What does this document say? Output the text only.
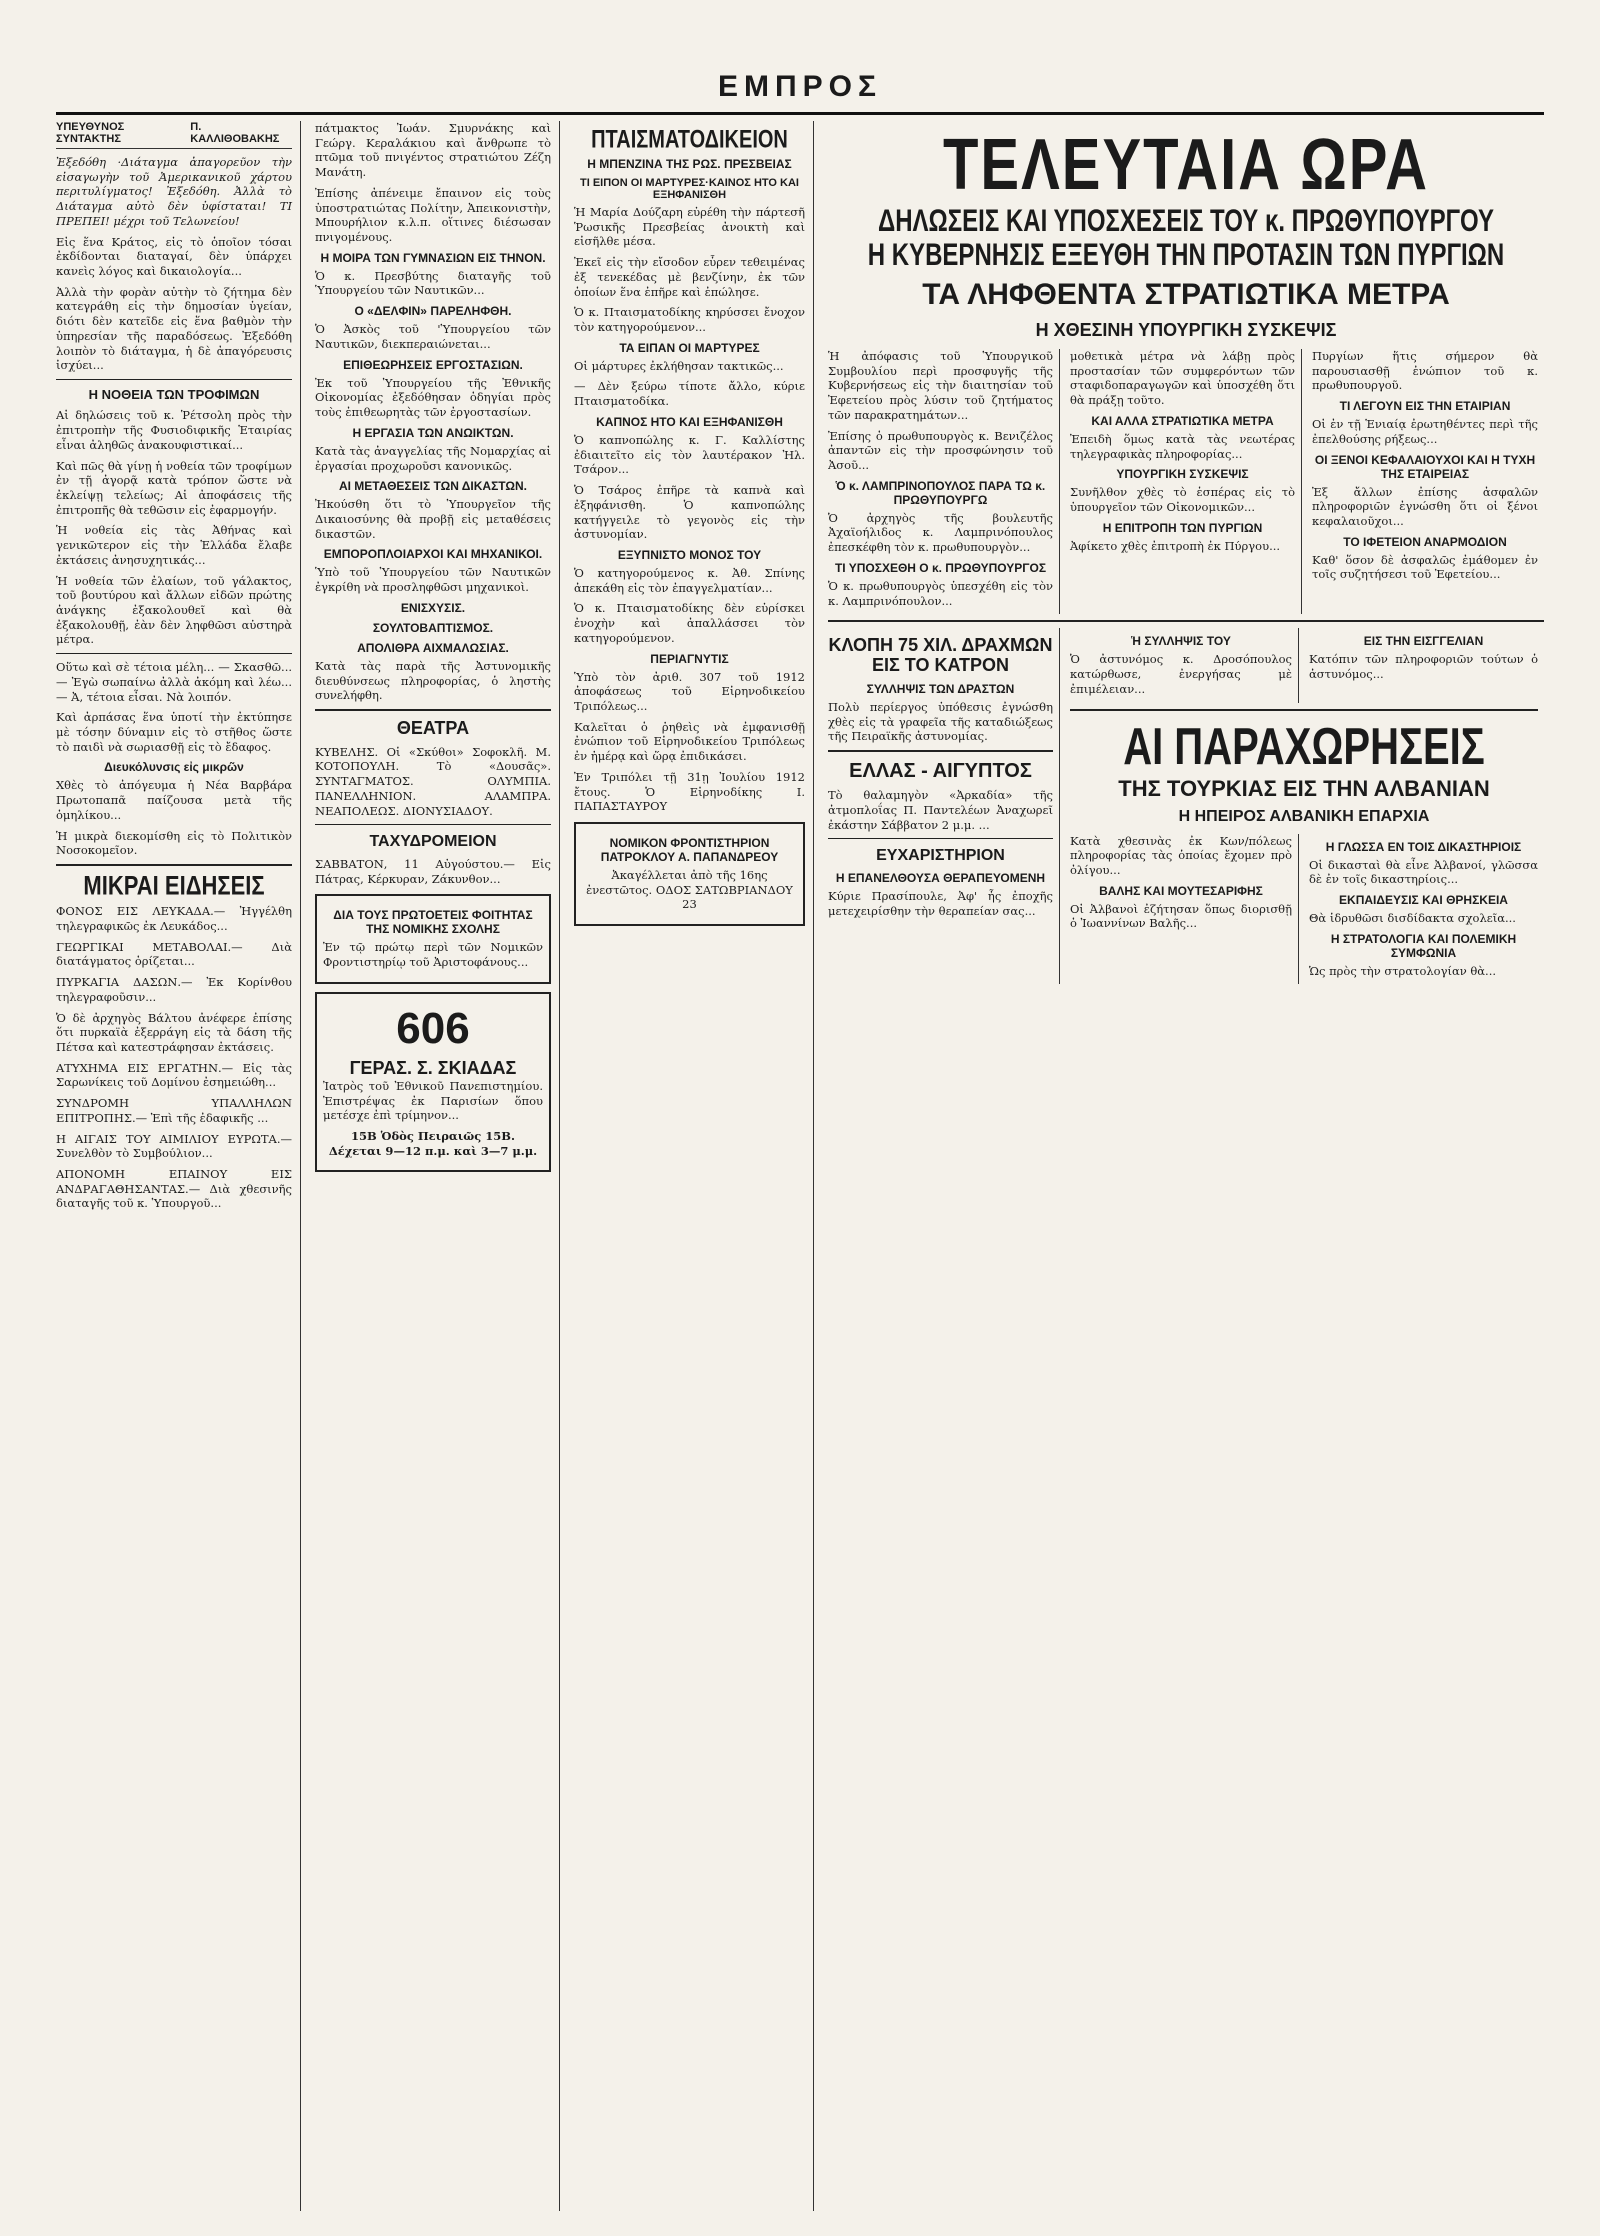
ΕΜΠΡΟΣ
ΥΠΕΥΘΥΝΟΣ ΣΥΝΤΑΚΤΗΣ
Π. ΚΑΛΛΙΘΟΒΑΚΗΣ

Ἐξεδόθη ·Διάταγμα ἀπαγορεῦον τὴν εἰσαγωγὴν τοῦ Ἀμερικανικοῦ χάρτου περιτυλίγματος! Ἐξεδόθη. Ἀλλὰ τὸ Διάταγμα αὐτὸ δὲν ὑφίσταται! ΤΙ ΠΡΕΠΕΙ! μέχρι τοῦ Τελωνείου!

Εἰς ἕνα Κράτος, εἰς τὸ ὁποῖον τόσαι ἐκδίδονται διαταγαί, δὲν ὑπάρχει κανεὶς λόγος καὶ δικαιολογία...

Ἀλλὰ τὴν φορὰν αὐτὴν τὸ ζήτημα δὲν κατεγράθη εἰς τὴν δημοσίαν ὑγείαν, διότι δὲν κατεῖδε εἰς ἕνα βαθμὸν τὴν ὑπηρεσίαν τῆς παραδόσεως. Ἐξεδόθη λοιπὸν τὸ διάταγμα, ἡ δὲ ἀπαγόρευσις ἰσχύει...

Η ΝΟΘΕΙΑ ΤΩΝ ΤΡΟΦΙΜΩΝ

Αἱ δηλώσεις τοῦ κ. Ῥέτσολη πρὸς τὴν ἐπιτροπὴν τῆς Φυσιοδιφικῆς Ἑταιρίας εἶναι ἀληθῶς ἀνακουφιστικαί...

Καὶ πῶς θὰ γίνῃ ἡ νοθεία τῶν τροφίμων ἐν τῇ ἀγορᾷ κατὰ τρόπον ὥστε νὰ ἐκλείψῃ τελείως; Αἱ ἀποφάσεις τῆς ἐπιτροπῆς θὰ τεθῶσιν εἰς ἐφαρμογήν.

Ἡ νοθεία εἰς τὰς Ἀθήνας καὶ γενικῶτερον εἰς τὴν Ἑλλάδα ἔλαβε ἐκτάσεις ἀνησυχητικάς...

Ἡ νοθεία τῶν ἐλαίων, τοῦ γάλακτος, τοῦ βουτύρου καὶ ἄλλων εἰδῶν πρώτης ἀνάγκης ἐξακολουθεῖ καὶ θὰ ἐξακολουθῇ, ἐὰν δὲν ληφθῶσι αὐστηρὰ μέτρα.

Οὕτω καὶ σὲ τέτοια μέλη... — Σκασθῶ... — Ἐγὼ σωπαίνω ἀλλὰ ἀκόμη καὶ λέω... — Ἀ, τέτοια εἶσαι. Νὰ λοιπόν.

Καὶ ἀρπάσας ἕνα ὑποτί τὴν ἐκτύπησε μὲ τόσην δύναμιν εἰς τὸ στῆθος ὥστε τὸ παιδὶ νὰ σωριασθῇ εἰς τὸ ἔδαφος.

Διευκόλυνσις εἰς μικρῶν

Χθὲς τὸ ἀπόγευμα ἡ Νέα Βαρβάρα Πρωτοπαπᾶ παίζουσα μετὰ τῆς ὁμηλίκου...

Ἡ μικρὰ διεκομίσθη εἰς τὸ Πολιτικὸν Νοσοκομεῖον.

ΜΙΚΡΑΙ ΕΙΔΗΣΕΙΣ

ΦΟΝΟΣ ΕΙΣ ΛΕΥΚΑΔΑ.— Ἠγγέλθη τηλεγραφικῶς ἐκ Λευκάδος...

ΓΕΩΡΓΙΚΑΙ ΜΕΤΑΒΟΛΑΙ.— Διὰ διατάγματος ὁρίζεται...

ΠΥΡΚΑΓΙΑ ΔΑΣΩΝ.— Ἐκ Κορίνθου τηλεγραφοῦσιν...

Ὁ δὲ ἀρχηγὸς Βάλτου ἀνέφερε ἐπίσης ὅτι πυρκαϊὰ ἐξερράγη εἰς τὰ δάση τῆς Πέτσα καὶ κατεστράφησαν ἐκτάσεις.

ΑΤΥΧΗΜΑ ΕΙΣ ΕΡΓΑΤΗΝ.— Εἰς τὰς Σαρωνίκεις τοῦ Δομίνου ἐσημειώθη...

ΣΥΝΔΡΟΜΗ ΥΠΑΛΛΗΛΩΝ ΕΠΙΤΡΟΠΗΣ.— Ἐπὶ τῆς ἐδαφικῆς ...

Η ΑΙΓΑΙΣ ΤΟΥ ΑΙΜΙΛΙΟΥ ΕΥΡΩΤΑ.— Συνελθὸν τὸ Συμβούλιον...

ΑΠΟΝΟΜΗ ΕΠΑΙΝΟΥ ΕΙΣ ΑΝΔΡΑΓΑΘΗΣΑΝΤΑΣ.— Διὰ χθεσινῆς διαταγῆς τοῦ κ. Ὑπουργοῦ...

πάτμακτος Ἰωάν. Σμυρνάκης καὶ Γεώργ. Κεραλάκιου καὶ ἄνθρωπε τὸ πτῶμα τοῦ πνιγέντος στρατιώτου Ζέζη Μανάτη.

Ἐπίσης ἀπένειμε ἔπαινον εἰς τοὺς ὑποστρατιώτας Πολίτην, Ἀπεικονιστὴν, Μπουρήλιον κ.λ.π. οἵτινες διέσωσαν πνιγομένους.

Η ΜΟΙΡΑ ΤΩΝ ΓΥΜΝΑΣΙΩΝ ΕΙΣ ΤΗΝΟΝ.

Ὁ κ. Πρεσβύτης διαταγῆς τοῦ Ὑπουργείου τῶν Ναυτικῶν...

Ο «ΔΕΛΦΙΝ» ΠΑΡΕΛΗΦΘΗ.

Ὁ Ἀσκὸς τοῦ 'Ὑπουργείου τῶν Ναυτικῶν, διεκπεραιώνεται...

ΕΠΙΘΕΩΡΗΣΕΙΣ ΕΡΓΟΣΤΑΣΙΩΝ.

Ἐκ τοῦ Ὑπουργείου τῆς Ἐθνικῆς Οἰκονομίας ἐξεδόθησαν ὁδηγίαι πρὸς τοὺς ἐπιθεωρητὰς τῶν ἐργοστασίων.

Η ΕΡΓΑΣΙΑ ΤΩΝ ΑΝΩΙΚΤΩΝ.

Κατὰ τὰς ἀναγγελίας τῆς Νομαρχίας αἱ ἐργασίαι προχωροῦσι κανονικῶς.

ΑΙ ΜΕΤΑΘΕΣΕΙΣ ΤΩΝ ΔΙΚΑΣΤΩΝ.

Ἠκούσθη ὅτι τὸ Ὑπουργεῖον τῆς Δικαιοσύνης θὰ προβῇ εἰς μεταθέσεις δικαστῶν.

ΕΜΠΟΡΟΠΛΟΙΑΡΧΟΙ ΚΑΙ ΜΗΧΑΝΙΚΟΙ.

Ὑπὸ τοῦ Ὑπουργείου τῶν Ναυτικῶν ἐγκρίθη νὰ προσληφθῶσι μηχανικοὶ.

ΕΝΙΣΧΥΣΙΣ.
ΣΟΥΛΤΟΒΑΠΤΙΣΜΟΣ.
ΑΠΟΛΙΘΡΑ ΑΙΧΜΑΛΩΣΙΑΣ.

Κατὰ τὰς παρὰ τῆς Ἀστυνομικῆς διευθύνσεως πληροφορίας, ὁ ληστὴς συνελήφθη.

ΘΕΑΤΡΑ

ΚΥΒΕΛΗΣ. Οἱ «Σκύθοι» Σοφοκλῆ. Μ. ΚΟΤΟΠΟΥΛΗ. Τὸ «Δουσᾶς». ΣΥΝΤΑΓΜΑΤΟΣ. ΟΛΥΜΠΙΑ. ΠΑΝΕΛΛΗΝΙΟΝ. ΑΛΑΜΠΡΑ. ΝΕΑΠΟΛΕΩΣ. ΔΙΟΝΥΣΙΑΔΟΥ.

ΤΑΧΥΔΡΟΜΕΙΟΝ

ΣΑΒΒΑΤΟΝ, 11 Αὐγούστου.— Εἰς Πάτρας, Κέρκυραν, Ζάκυνθον...

ΔΙΑ ΤΟΥΣ ΠΡΩΤΟΕΤΕΙΣ ΦΟΙΤΗΤΑΣ ΤΗΣ ΝΟΜΙΚΗΣ ΣΧΟΛΗΣ

Ἐν τῷ πρώτῳ περὶ τῶν Νομικῶν Φροντιστηρίῳ τοῦ Ἀριστοφάνους...

606
ΓΕΡΑΣ. Σ. ΣΚΙΑΔΑΣ

Ἰατρὸς τοῦ Ἐθνικοῦ Πανεπιστημίου. Ἐπιστρέψας ἐκ Παρισίων ὅπου μετέσχε ἐπὶ τρίμηνον...

15Β Ὁδὸς Πειραιῶς 15Β. Δέχεται 9—12 π.μ. καὶ 3—7 μ.μ.

ΠΤΑΙΣΜΑΤΟΔΙΚΕΙΟΝ
Η ΜΠΕΝΖΙΝΑ ΤΗΣ ΡΩΣ. ΠΡΕΣΒΕΙΑΣ
ΤΙ ΕΙΠΟΝ ΟΙ ΜΑΡΤΥΡΕΣ·ΚΑΙΝΟΣ ΗΤΟ ΚΑΙ ΕΞΗΦΑΝΙΣΘΗ

Ἡ Μαρία Δούζαρη εὐρέθη τὴν πάρτεσῆ Ῥωσικῆς Πρεσβείας ἀνοικτὴ καὶ εἰσῆλθε μέσα.

Ἐκεῖ εἰς τὴν εἴσοδον εὗρεν τεθειμένας ἐξ τενεκέδας μὲ βενζίνην, ἐκ τῶν ὁποίων ἕνα ἐπῆρε καὶ ἐπώλησε.

Ὁ κ. Πταισματοδίκης κηρύσσει ἔνοχον τὸν κατηγορούμενον...

ΤΑ ΕΙΠΑΝ ΟΙ ΜΑΡΤΥΡΕΣ

Οἱ μάρτυρες ἐκλήθησαν τακτικῶς...

— Δὲν ξεύρω τίποτε ἄλλο, κύριε Πταισματοδίκα.

ΚΑΠΝΟΣ ΗΤΟ ΚΑΙ ΕΞΗΦΑΝΙΣΘΗ

Ὁ καπνοπώλης κ. Γ. Καλλίστης ἐδιαιτεῖτο εἰς τὸν λαυτέρακον Ἠλ. Τσάρον...

Ὁ Τσάρος ἐπῆρε τὰ καπνὰ καὶ ἐξηφάνισθη. Ὁ καπνοπώλης κατήγγειλε τὸ γεγονὸς εἰς τὴν ἀστυνομίαν.

ΕΞΥΠΝΙΣΤΟ ΜΟΝΟΣ ΤΟΥ

Ὁ κατηγορούμενος κ. Ἀθ. Σπίνης ἀπεκάθη εἰς τὸν ἐπαγγελματίαν...

Ὁ κ. Πταισματοδίκης δὲν εὑρίσκει ἐνοχὴν καὶ ἀπαλλάσσει τὸν κατηγορούμενον.

ΠΕΡΙΑΓΝΥΤΙΣ

Ὑπὸ τὸν ἀριθ. 307 τοῦ 1912 ἀποφάσεως τοῦ Εἰρηνοδικείου Τριπόλεως...

Καλεῖται ὁ ῥηθεὶς νὰ ἐμφανισθῇ ἐνώπιον τοῦ Εἰρηνοδικείου Τριπόλεως ἐν ἡμέρᾳ καὶ ὥρᾳ ἐπιδικάσει.

Ἐν Τριπόλει τῇ 31ῃ Ἰουλίου 1912 ἔτους. Ὁ Εἰρηνοδίκης Ι. ΠΑΠΑΣΤΑΥΡΟΥ

ΝΟΜΙΚΟΝ ΦΡΟΝΤΙΣΤΗΡΙΟΝ ΠΑΤΡΟΚΛΟΥ Α. ΠΑΠΑΝΔΡΕΟΥ

Ἀκαγέλλεται ἀπὸ τῆς 16ης ἐνεστῶτος. ΟΔΟΣ ΣΑΤΩΒΡΙΑΝΔΟΥ 23

ΤΕΛΕΥΤΑΙΑ ΩΡΑ
ΔΗΛΩΣΕΙΣ ΚΑΙ ΥΠΟΣΧΕΣΕΙΣ ΤΟΥ κ. ΠΡΩΘΥΠΟΥΡΓΟΥ
Η ΚΥΒΕΡΝΗΣΙΣ ΕΞΕΥΘΗ ΤΗΝ ΠΡΟΤΑΣΙΝ ΤΩΝ ΠΥΡΓΙΩΝ
ΤΑ ΛΗΦΘΕΝΤΑ ΣΤΡΑΤΙΩΤΙΚΑ ΜΕΤΡΑ
Η ΧΘΕΣΙΝΗ ΥΠΟΥΡΓΙΚΗ ΣΥΣΚΕΨΙΣ

Ἡ ἀπόφασις τοῦ Ὑπουργικοῦ Συμβουλίου περὶ προσφυγῆς τῆς Κυβερνήσεως εἰς τὴν διαιτησίαν τοῦ Ἐφετείου πρὸς λύσιν τοῦ ζητήματος τῶν παρακρατημάτων...

Ἐπίσης ὁ πρωθυπουργὸς κ. Βενιζέλος ἀπαντῶν εἰς τὴν προσφώνησιν τοῦ Ἀσοῦ...

Ὁ κ. ΛΑΜΠΡΙΝΟΠΟΥΛΟΣ ΠΑΡΑ ΤΩ κ. ΠΡΩΘΥΠΟΥΡΓΩ

Ὁ ἀρχηγὸς τῆς βουλευτῆς Ἀχαϊοήλιδος κ. Λαμπρινόπουλος ἐπεσκέφθη τὸν κ. πρωθυπουργὸν...

ΤΙ ΥΠΟΣΧΕΘΗ Ο κ. ΠΡΩΘΥΠΟΥΡΓΟΣ

Ὁ κ. πρωθυπουργὸς ὑπεσχέθη εἰς τὸν κ. Λαμπρινόπουλον...

μοθετικὰ μέτρα νὰ λάβῃ πρὸς προστασίαν τῶν συμφερόντων τῶν σταφιδοπαραγωγῶν καὶ ὑποσχέθη ὅτι θὰ πράξῃ τοῦτο.

ΚΑΙ ΑΛΛΑ ΣΤΡΑΤΙΩΤΙΚΑ ΜΕΤΡΑ

Ἐπειδὴ ὅμως κατὰ τὰς νεωτέρας τηλεγραφικὰς πληροφορίας...

ΥΠΟΥΡΓΙΚΗ ΣΥΣΚΕΨΙΣ

Συνῆλθον χθὲς τὸ ἑσπέρας εἰς τὸ ὑπουργεῖον τῶν Οἰκονομικῶν...

Η ΕΠΙΤΡΟΠΗ ΤΩΝ ΠΥΡΓΙΩΝ

Ἀφίκετο χθὲς ἐπιτροπὴ ἐκ Πύργου...

Πυργίων ἥτις σήμερον θὰ παρουσιασθῇ ἐνώπιον τοῦ κ. πρωθυπουργοῦ.

ΤΙ ΛΕΓΟΥΝ ΕΙΣ ΤΗΝ ΕΤΑΙΡΙΑΝ

Οἱ ἐν τῇ Ἑνιαίᾳ ἐρωτηθέντες περὶ τῆς ἐπελθούσης ρήξεως...

ΟΙ ΞΕΝΟΙ ΚΕΦΑΛΑΙΟΥΧΟΙ ΚΑΙ Η ΤΥΧΗ ΤΗΣ ΕΤΑΙΡΕΙΑΣ

Ἐξ ἄλλων ἐπίσης ἀσφαλῶν πληροφοριῶν ἐγνώσθη ὅτι οἱ ξένοι κεφαλαιοῦχοι...

ΤΟ ΙΦΕΤΕΙΟΝ ΑΝΑΡΜΟΔΙΟΝ

Καθ' ὅσον δὲ ἀσφαλῶς ἐμάθομεν ἐν τοῖς συζητήσεσι τοῦ Ἐφετείου...

ΚΛΟΠΗ 75 ΧΙΛ. ΔΡΑΧΜΩΝ ΕΙΣ ΤΟ ΚΑΤΡΟΝ
ΣΥΛΛΗΨΙΣ ΤΩΝ ΔΡΑΣΤΩΝ

Πολὺ περίεργος ὑπόθεσις ἐγνώσθη χθὲς εἰς τὰ γραφεῖα τῆς καταδιώξεως τῆς Πειραϊκῆς ἀστυνομίας.

ΕΛΛΑΣ - ΑΙΓΥΠΤΟΣ

Τὸ θαλαμηγὸν «Ἀρκαδία» τῆς ἀτμοπλοΐας Π. Παντελέων Ἀναχωρεῖ ἐκάστην Σάββατον 2 μ.μ. ...

ΕΥΧΑΡΙΣΤΗΡΙΟΝ
Η ΕΠΑΝΕΛΘΟΥΣΑ ΘΕΡΑΠΕΥΟΜΕΝΗ

Κύριε Πρασίπουλε, Ἀφ' ἧς ἐποχῆς μετεχειρίσθην τὴν θεραπείαν σας...

Ἡ ΣΥΛΛΗΨΙΣ ΤΟΥ

Ὁ ἀστυνόμος κ. Δροσόπουλος κατώρθωσε, ἐνεργήσας μὲ ἐπιμέλειαν...

ΕΙΣ ΤΗΝ ΕΙΣΓΓΕΛΙΑΝ

Κατόπιν τῶν πληροφοριῶν τούτων ὁ ἀστυνόμος...

ΑΙ ΠΑΡΑΧΩΡΗΣΕΙΣ
ΤΗΣ ΤΟΥΡΚΙΑΣ ΕΙΣ ΤΗΝ ΑΛΒΑΝΙΑΝ
Η ΗΠΕΙΡΟΣ ΑΛΒΑΝΙΚΗ ΕΠΑΡΧΙΑ

Κατὰ χθεσινὰς ἐκ Κων/πόλεως πληροφορίας τὰς ὁποίας ἔχομεν πρὸ ὀλίγου...

ΒΑΛΗΣ ΚΑΙ ΜΟΥΤΕΣΑΡΙΦΗΣ

Οἱ Ἀλβανοὶ ἐζήτησαν ὅπως διορισθῇ ὁ Ἰωαννίνων Βαλῆς...

Η ΓΛΩΣΣΑ ΕΝ ΤΟΙΣ ΔΙΚΑΣΤΗΡΙΟΙΣ

Οἱ δικασταὶ θὰ εἶνε Ἀλβανοί, γλῶσσα δὲ ἐν τοῖς δικαστηρίοις...

ΕΚΠΑΙΔΕΥΣΙΣ ΚΑΙ ΘΡΗΣΚΕΙΑ

Θὰ ἱδρυθῶσι δισδίδακτα σχολεῖα...

Η ΣΤΡΑΤΟΛΟΓΙΑ ΚΑΙ ΠΟΛΕΜΙΚΗ ΣΥΜΦΩΝΙΑ

Ὡς πρὸς τὴν στρατολογίαν θὰ...
